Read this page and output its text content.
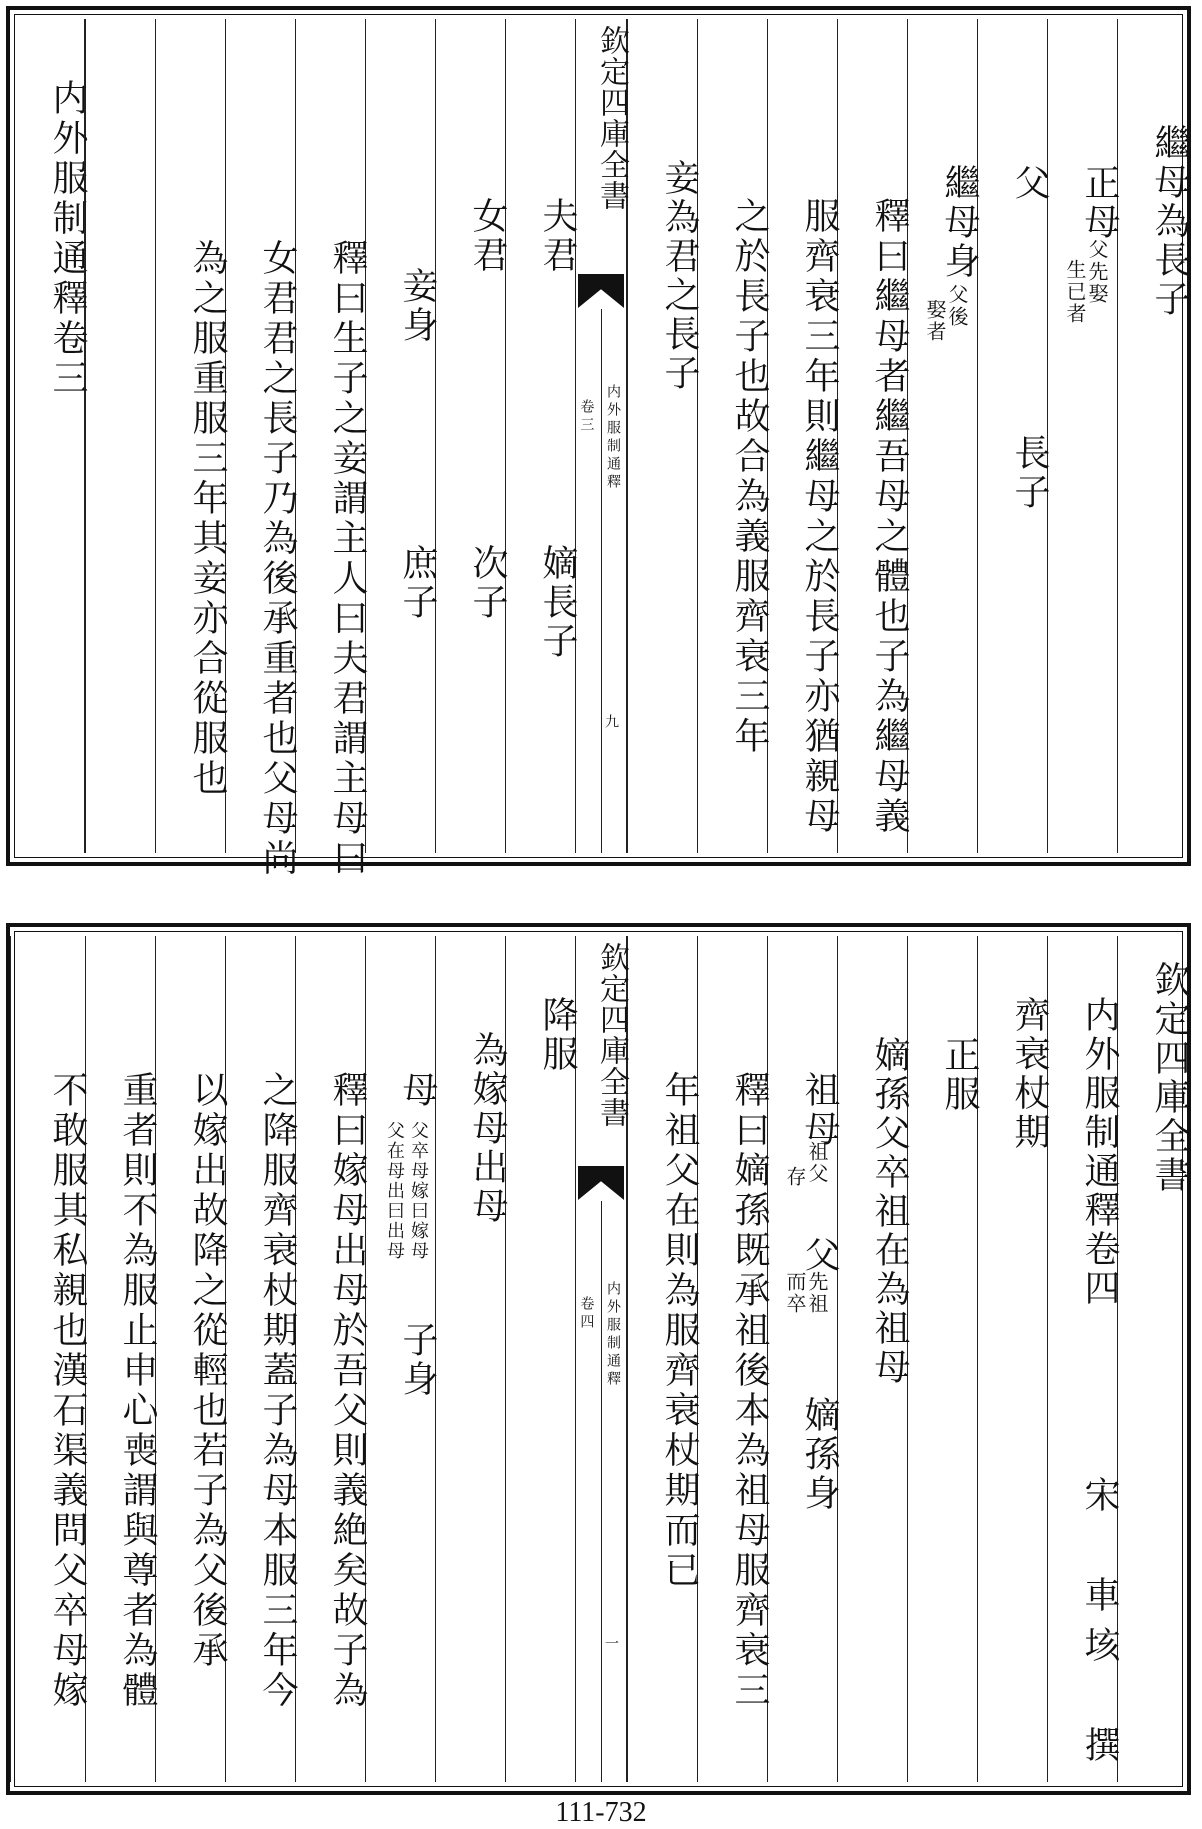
繼母為長子
正母
父先娶
生已者
父
長子
繼母身
父後
娶者
釋曰繼母者繼吾母之體也子為繼母義
服齊衰三年則繼母之於長子亦猶親母
之於長子也故合為義服齊衰三年
妾為君之長子
欽定四庫全書
内外服制通釋
卷三
九
夫君
嫡長子
女君
次子
妾身
庶子
釋曰生子之妾謂主人曰夫君謂主母曰
女君君之長子乃為後承重者也父母尚
為之服重服三年其妾亦合從服也
内外服制通釋卷三
欽定四庫全書
内外服制通釋卷四
宋　車垓　撰
齊衰杖期
正服
嫡孫父卒祖在為祖母
祖母
祖父
存
父
先祖
而卒
嫡孫身
釋曰嫡孫既承祖後本為祖母服齊衰三
年祖父在則為服齊衰杖期而已
欽定四庫全書
内外服制通釋
卷四
一
降服
為嫁母出母
母
父卒母嫁曰嫁母
父在母出曰出母
子身
釋曰嫁母出母於吾父則義絶矣故子為
之降服齊衰杖期蓋子為母本服三年今
以嫁出故降之從輕也若子為父後承
重者則不為服止申心喪謂與尊者為體
不敢服其私親也漢石渠義問父卒母嫁
111-732
